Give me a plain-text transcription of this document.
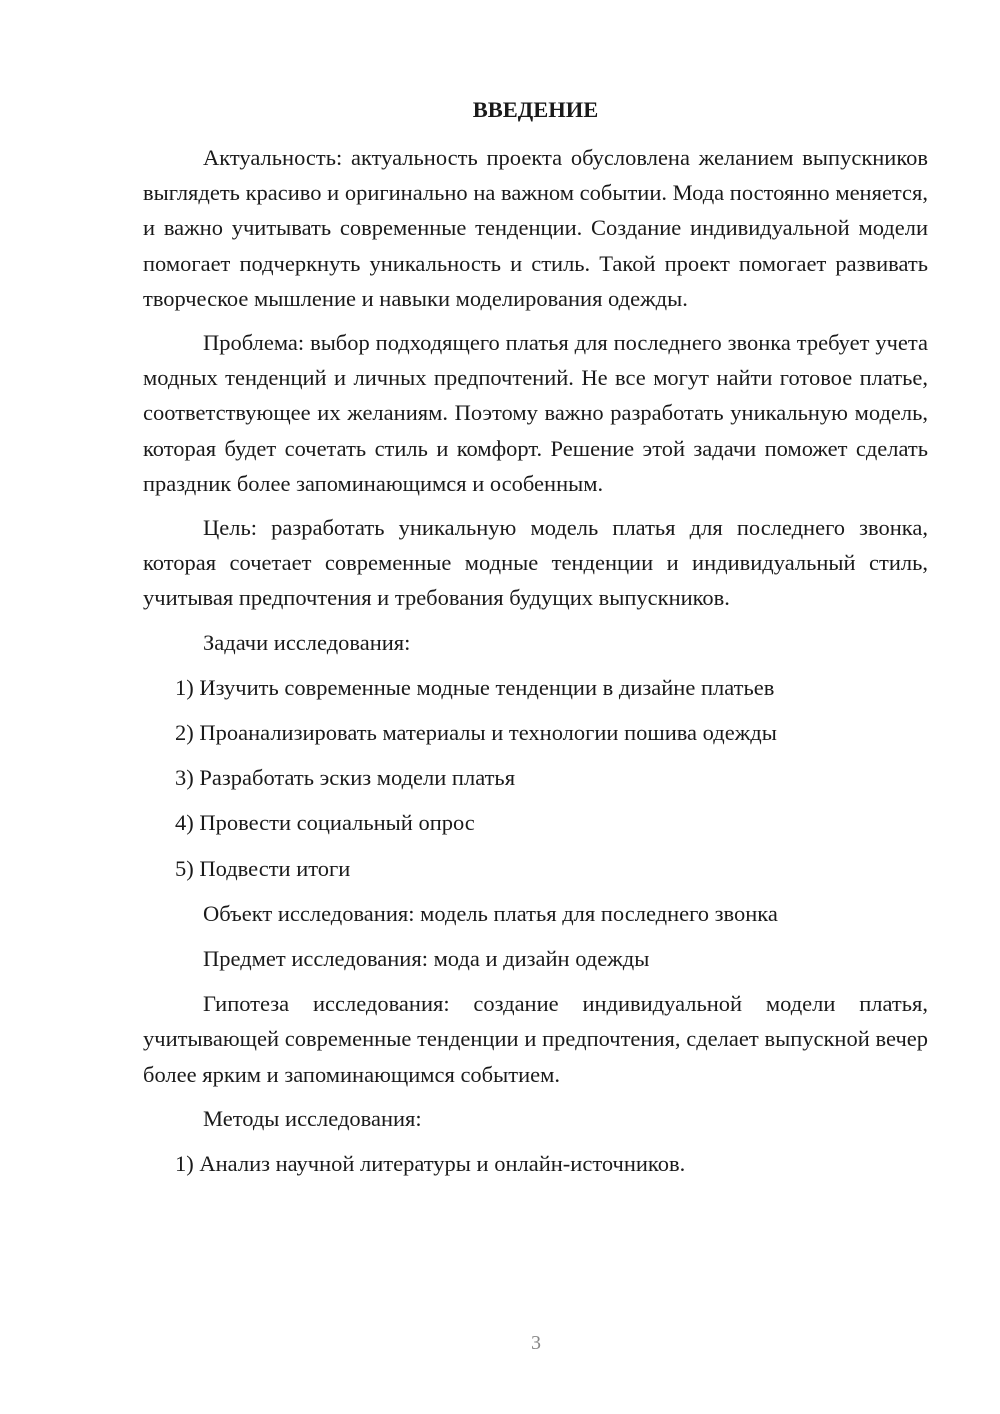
ВВЕДЕНИЕ

Актуальность: актуальность проекта обусловлена желанием выпускников выглядеть красиво и оригинально на важном событии. Мода постоянно меняется, и важно учитывать современные тенденции. Создание индивидуальной модели помогает подчеркнуть уникальность и стиль. Такой проект помогает развивать творческое мышление и навыки моделирования одежды.

Проблема: выбор подходящего платья для последнего звонка требует учета модных тенденций и личных предпочтений. Не все могут найти готовое платье, соответствующее их желаниям. Поэтому важно разработать уникальную модель, которая будет сочетать стиль и комфорт. Решение этой задачи поможет сделать праздник более запоминающимся и особенным.

Цель: разработать уникальную модель платья для последнего звонка, которая сочетает современные модные тенденции и индивидуальный стиль, учитывая предпочтения и требования будущих выпускников.

Задачи исследования:

1) Изучить современные модные тенденции в дизайне платьев

2) Проанализировать материалы и технологии пошива одежды

3) Разработать эскиз модели платья

4) Провести социальный опрос

5) Подвести итоги

Объект исследования: модель платья для последнего звонка

Предмет исследования: мода и дизайн одежды

Гипотеза исследования: создание индивидуальной модели платья, учитывающей современные тенденции и предпочтения, сделает выпускной вечер более ярким и запоминающимся событием.

Методы исследования:

1) Анализ научной литературы и онлайн-источников.

3
